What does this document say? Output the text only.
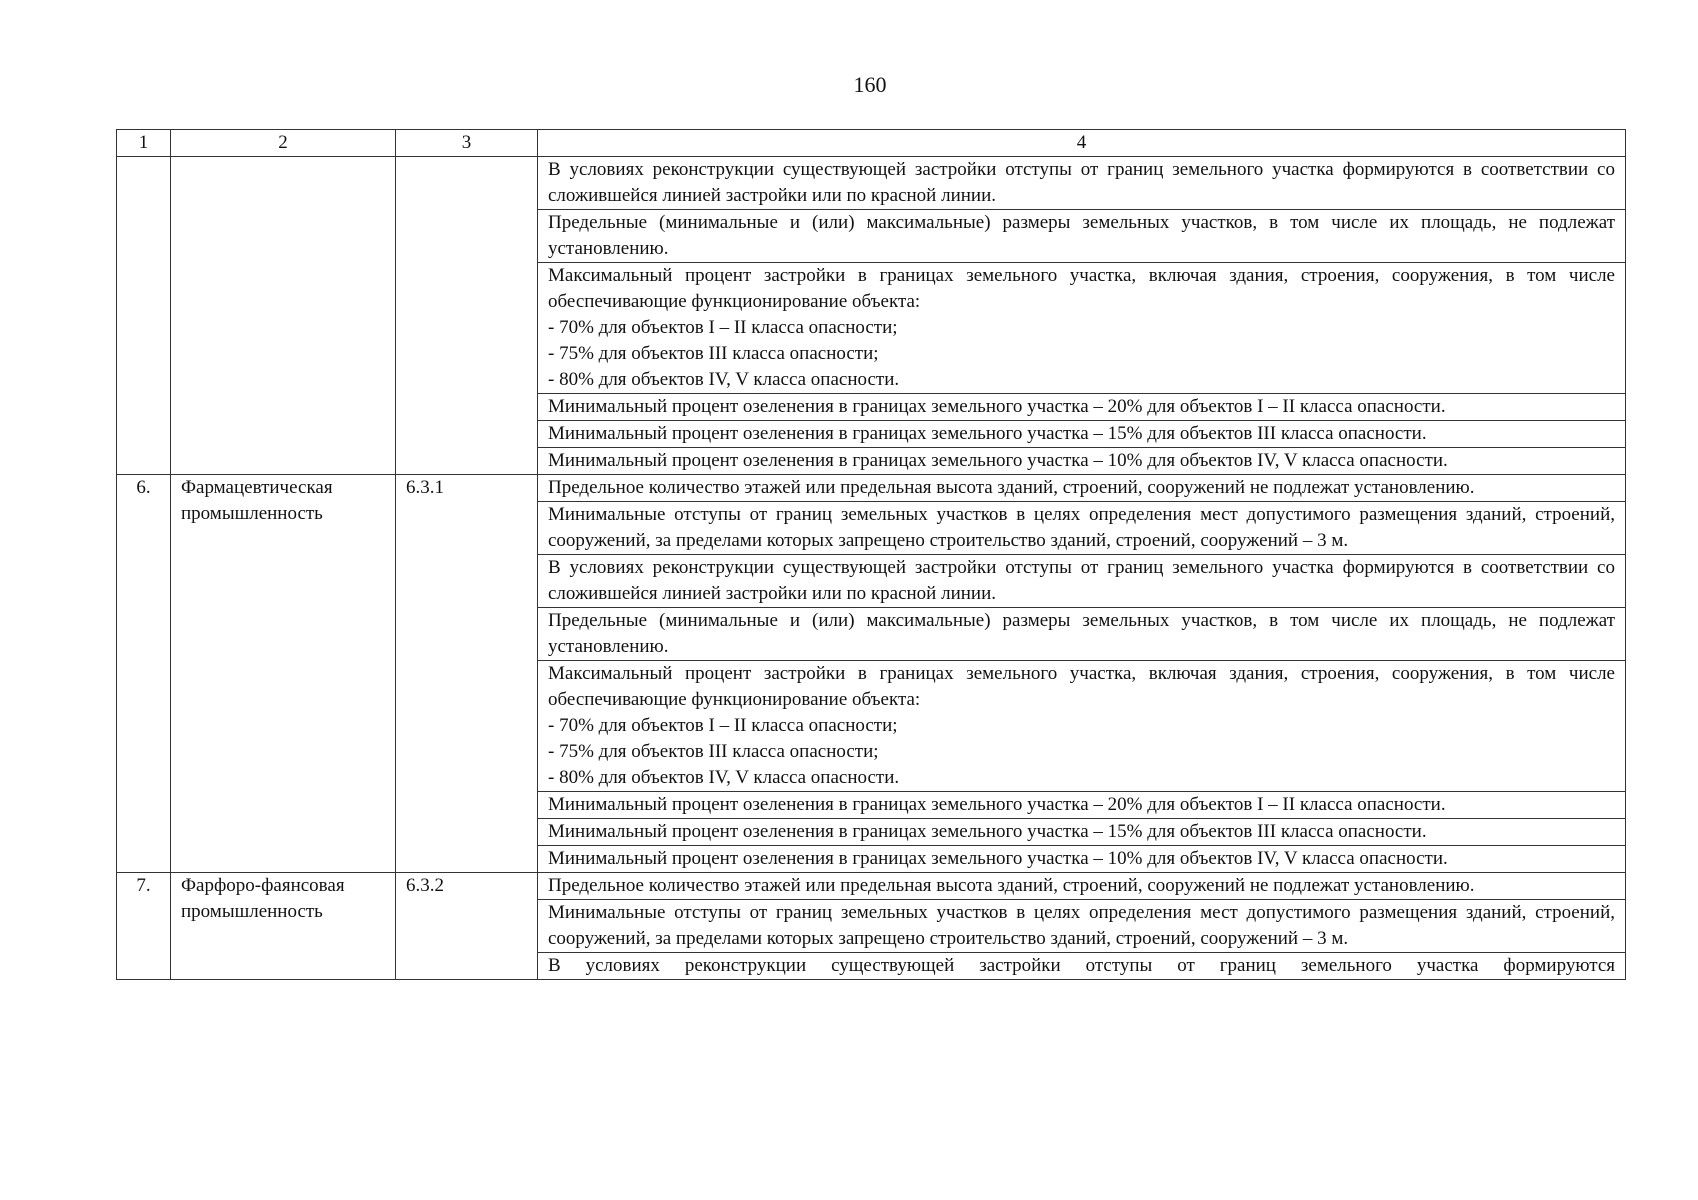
160
1	2	3	4
			В условиях реконструкции существующей застройки отступы от границ земельного участка формируются в соответствии со сложившейся линией застройки или по красной линии.
			Предельные (минимальные и (или) максимальные) размеры земельных участков, в том числе их площадь, не подлежат установлению.

			Максимальный процент застройки в границах земельного участка, включая здания, строения, сооружения, в том числе обеспечивающие функционирование объекта:
- 70% для объектов I – II класса опасности;
- 75% для объектов III класса опасности;
- 80% для объектов IV, V класса опасности.

			Минимальный процент озеленения в границах земельного участка – 20% для объектов I – II класса опасности.
			Минимальный процент озеленения в границах земельного участка – 15% для объектов III класса опасности.
			Минимальный процент озеленения в границах земельного участка – 10% для объектов IV, V класса опасности.
6.	Фармацевтическая промышленность	6.3.1	Предельное количество этажей или предельная высота зданий, строений, сооружений не подлежат установлению.
			Минимальные отступы от границ земельных участков в целях определения мест допустимого размещения зданий, строений, сооружений, за пределами которых запрещено строительство зданий, строений, сооружений – 3 м.
			В условиях реконструкции существующей застройки отступы от границ земельного участка формируются в соответствии со сложившейся линией застройки или по красной линии.
			Предельные (минимальные и (или) максимальные) размеры земельных участков, в том числе их площадь, не подлежат установлению.

			Максимальный процент застройки в границах земельного участка, включая здания, строения, сооружения, в том числе обеспечивающие функционирование объекта:
- 70% для объектов I – II класса опасности;
- 75% для объектов III класса опасности;
- 80% для объектов IV, V класса опасности.

			Минимальный процент озеленения в границах земельного участка – 20% для объектов I – II класса опасности.
			Минимальный процент озеленения в границах земельного участка – 15% для объектов III класса опасности.
			Минимальный процент озеленения в границах земельного участка – 10% для объектов IV, V класса опасности.
7.	Фарфоро-фаянсовая промышленность	6.3.2	Предельное количество этажей или предельная высота зданий, строений, сооружений не подлежат установлению.
			Минимальные отступы от границ земельных участков в целях определения мест допустимого размещения зданий, строений, сооружений, за пределами которых запрещено строительство зданий, строений, сооружений – 3 м.
			В условиях реконструкции существующей застройки отступы от границ земельного участка формируются
